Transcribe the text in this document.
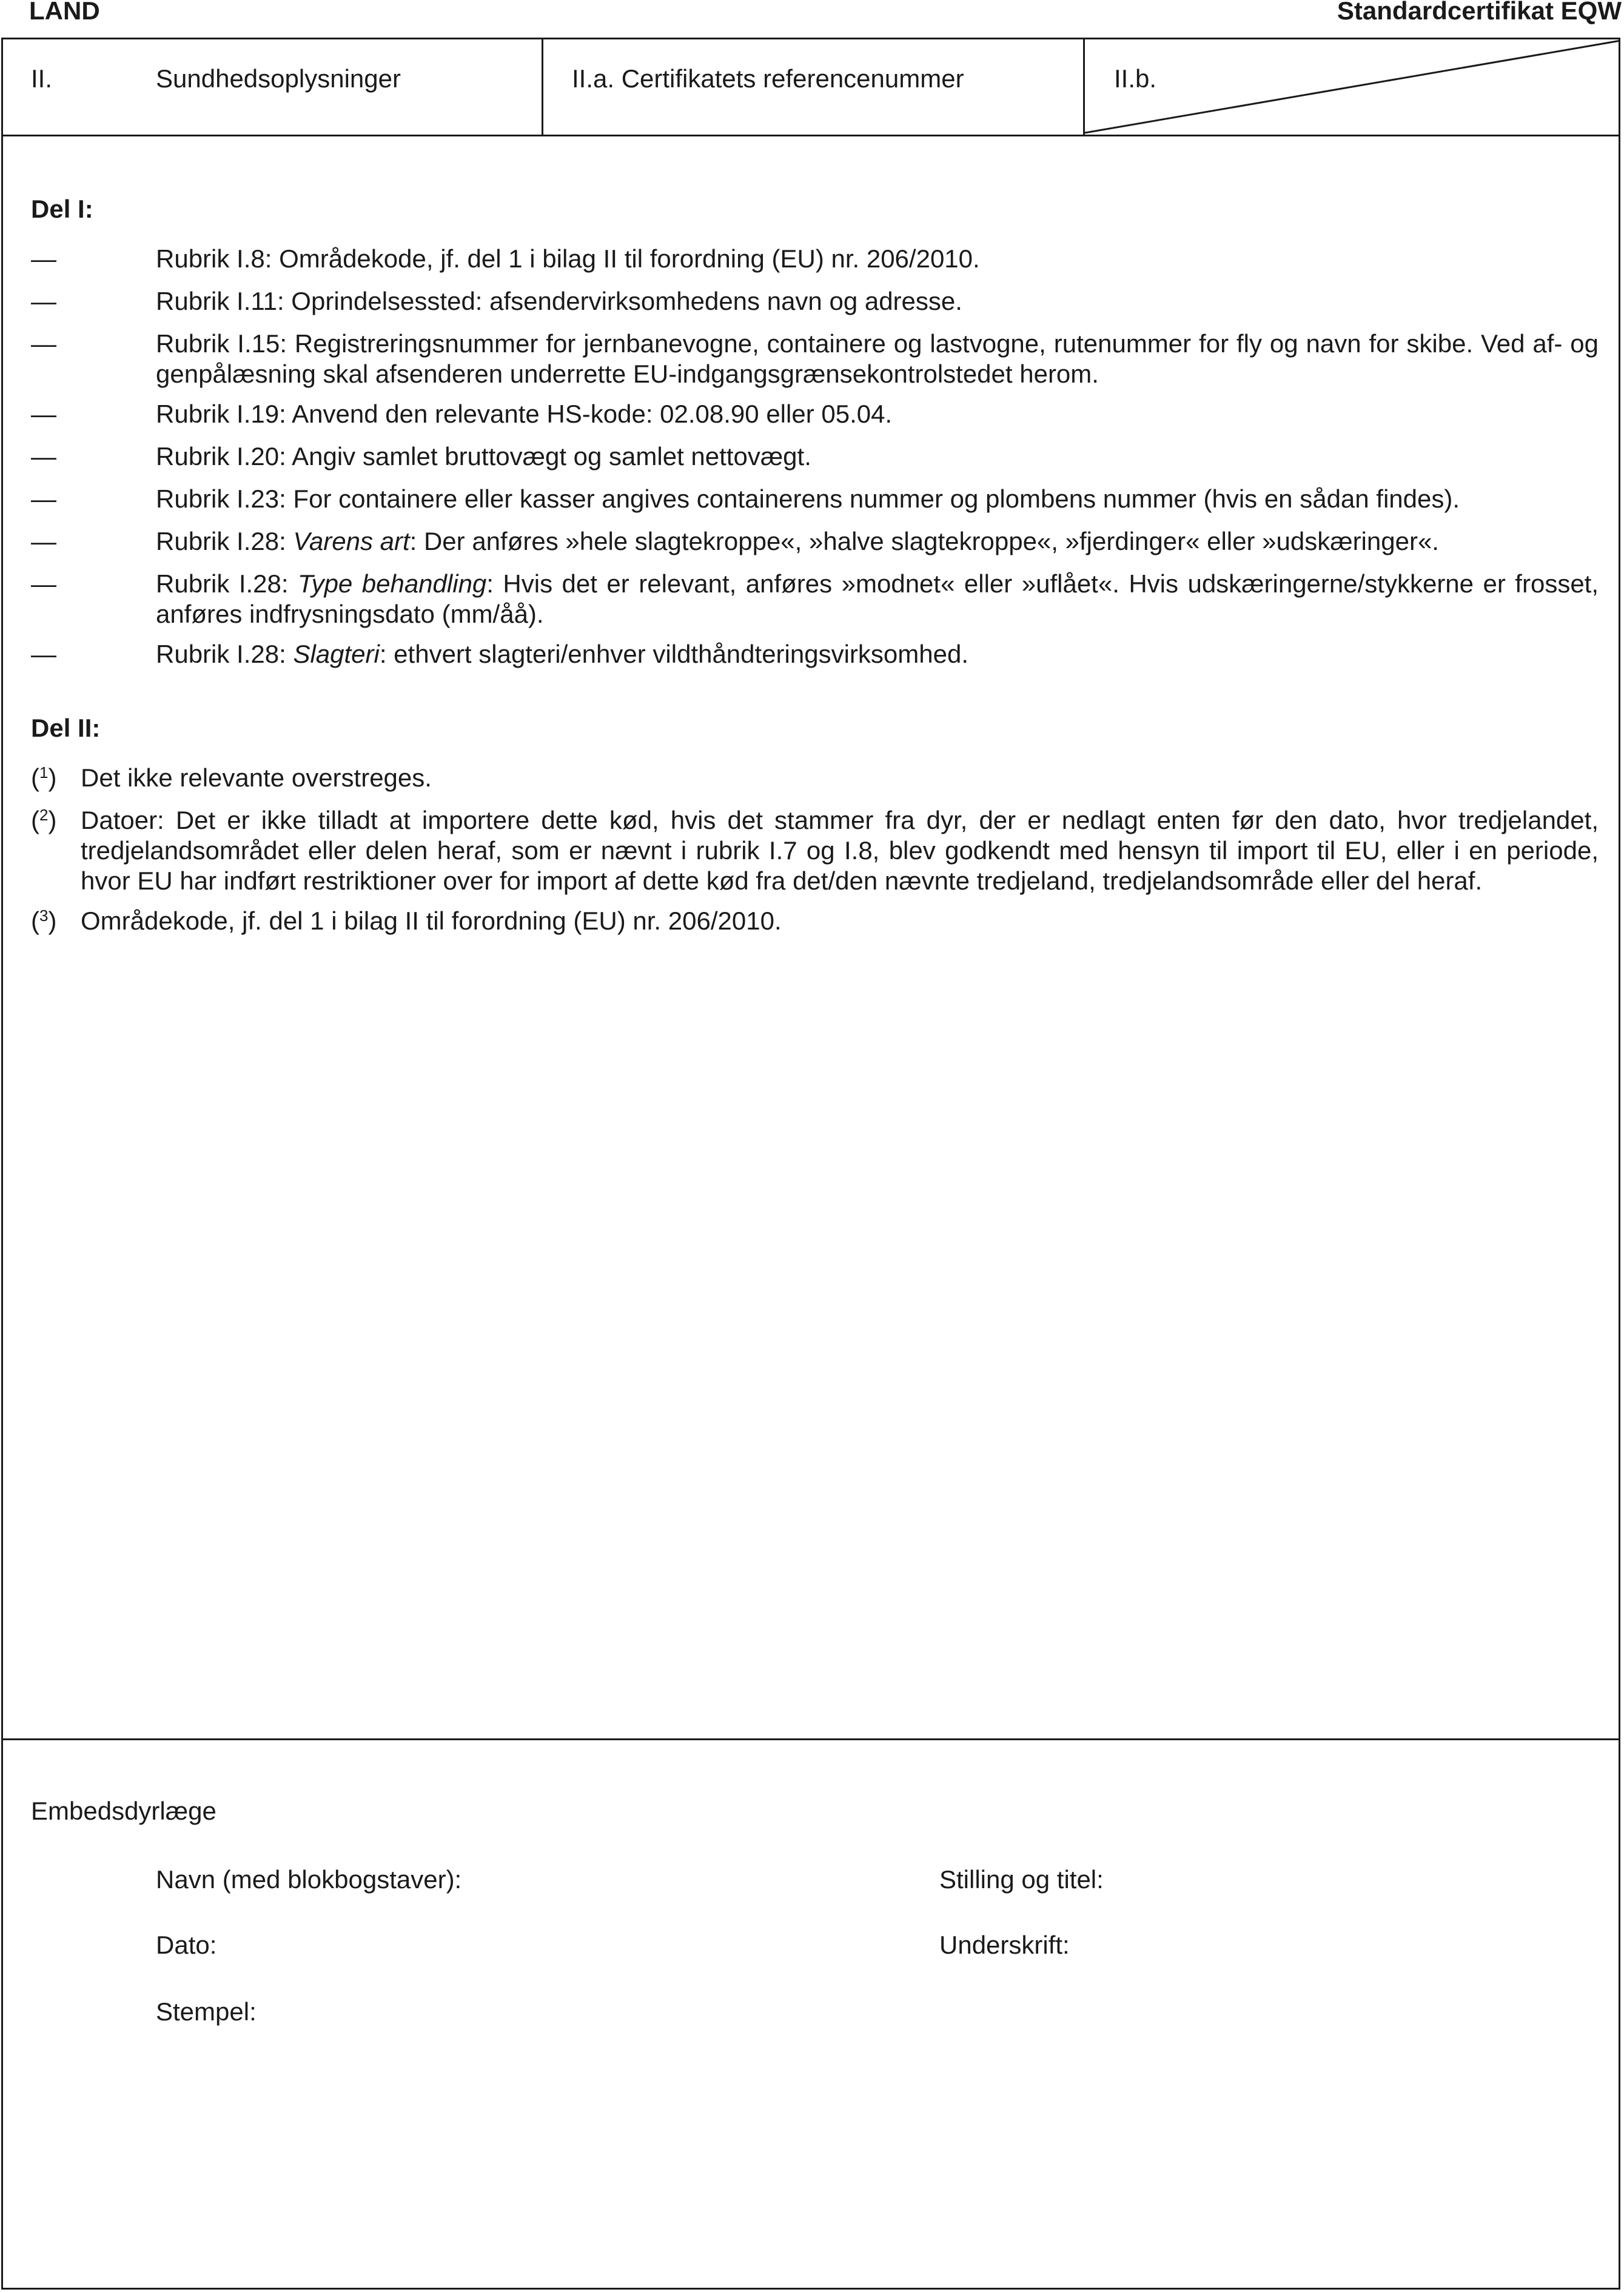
LAND	Standardcertifikat EQW
II.	Sundhedsoplysninger	II.a. Certifikatets referencenummer	II.b.
Del I:
—	Rubrik I.8: Områdekode, jf. del 1 i bilag II til forordning (EU) nr. 206/2010.
—	Rubrik I.11: Oprindelsessted: afsendervirksomhedens navn og adresse.
—	Rubrik I.15: Registreringsnummer for jernbanevogne, containere og lastvogne, rutenummer for fly og navn for skibe. Ved af- og genpålæsning skal afsenderen underrette EU-indgangsgrænsekontrolstedet herom.
—	Rubrik I.19: Anvend den relevante HS-kode: 02.08.90 eller 05.04.
—	Rubrik I.20: Angiv samlet bruttovægt og samlet nettovægt.
—	Rubrik I.23: For containere eller kasser angives containerens nummer og plombens nummer (hvis en sådan findes).
—	Rubrik I.28: Varens art: Der anføres »hele slagtekroppe«, »halve slagtekroppe«, »fjerdinger« eller »udskæringer«.
—	Rubrik I.28: Type behandling: Hvis det er relevant, anføres »modnet« eller »uflået«. Hvis udskæringerne/stykkerne er frosset, anføres indfrysningsdato (mm/åå).
—	Rubrik I.28: Slagteri: ethvert slagteri/enhver vildthåndteringsvirksomhed.
Del II:
($^1$) Det ikke relevante overstreges.
($^2$) Datoer: Det er ikke tilladt at importere dette kød, hvis det stammer fra dyr, der er nedlagt enten før den dato, hvor tredjelandet, tredjelandsområdet eller delen heraf, som er nævnt i rubrik I.7 og I.8, blev godkendt med hensyn til import til EU, eller i en periode, hvor EU har indført restriktioner over for import af dette kød fra det/den nævnte tredjeland, tredjelandsområde eller del heraf.
($^3$) Områdekode, jf. del 1 i bilag II til forordning (EU) nr. 206/2010.
Embedsdyrlæge
Navn (med blokbogstaver):	Stilling og titel:
Dato:	Underskrift:
Stempel:
